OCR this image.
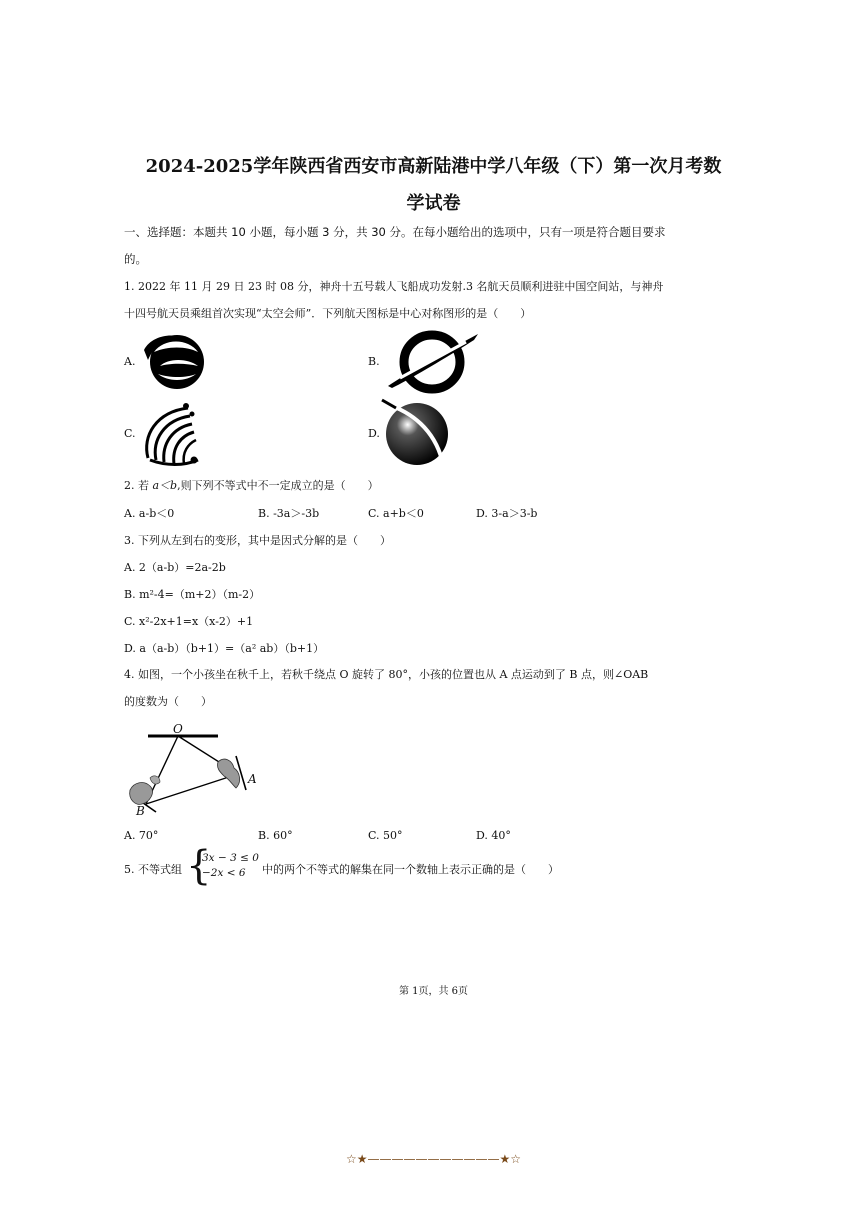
2024-2025学年陕西省西安市高新陆港中学八年级（下）第一次月考数
学试卷
一、选择题：本题共 10 小题，每小题 3 分，共 30 分。在每小题给出的选项中，只有一项是符合题目要求
的。
1. 2022 年 11 月 29 日 23 时 08 分，神舟十五号载人飞船成功发射.3 名航天员顺利进驻中国空间站，与神舟
十四号航天员乘组首次实现“太空会师”．下列航天图标是中心对称图形的是（　　）
A.	B.
C.	D.
2. 若 a＜b,则下列不等式中不一定成立的是（　　）
A. a-b＜0	B. -3a＞-3b	C. a+b＜0	D. 3-a＞3-b
3. 下列从左到右的变形，其中是因式分解的是（　　）
A. 2（a-b）=2a-2b
B. m²-4=（m+2）（m-2）
C. x²-2x+1=x（x-2）+1
D. a（a-b）（b+1）=（a² ab）（b+1）
4. 如图，一个小孩坐在秋千上，若秋千绕点 O 旋转了 80°，小孩的位置也从 A 点运动到了 B 点，则∠OAB
的度数为（　　）
O
A
B
A. 70°	B. 60°	C. 50°	D. 40°
5. 不等式组 {
3x − 3 ≤ 0
−2x < 6 中的两个不等式的解集在同一个数轴上表示正确的是（　　）
第 1页，共 6页
☆★———————————★☆
